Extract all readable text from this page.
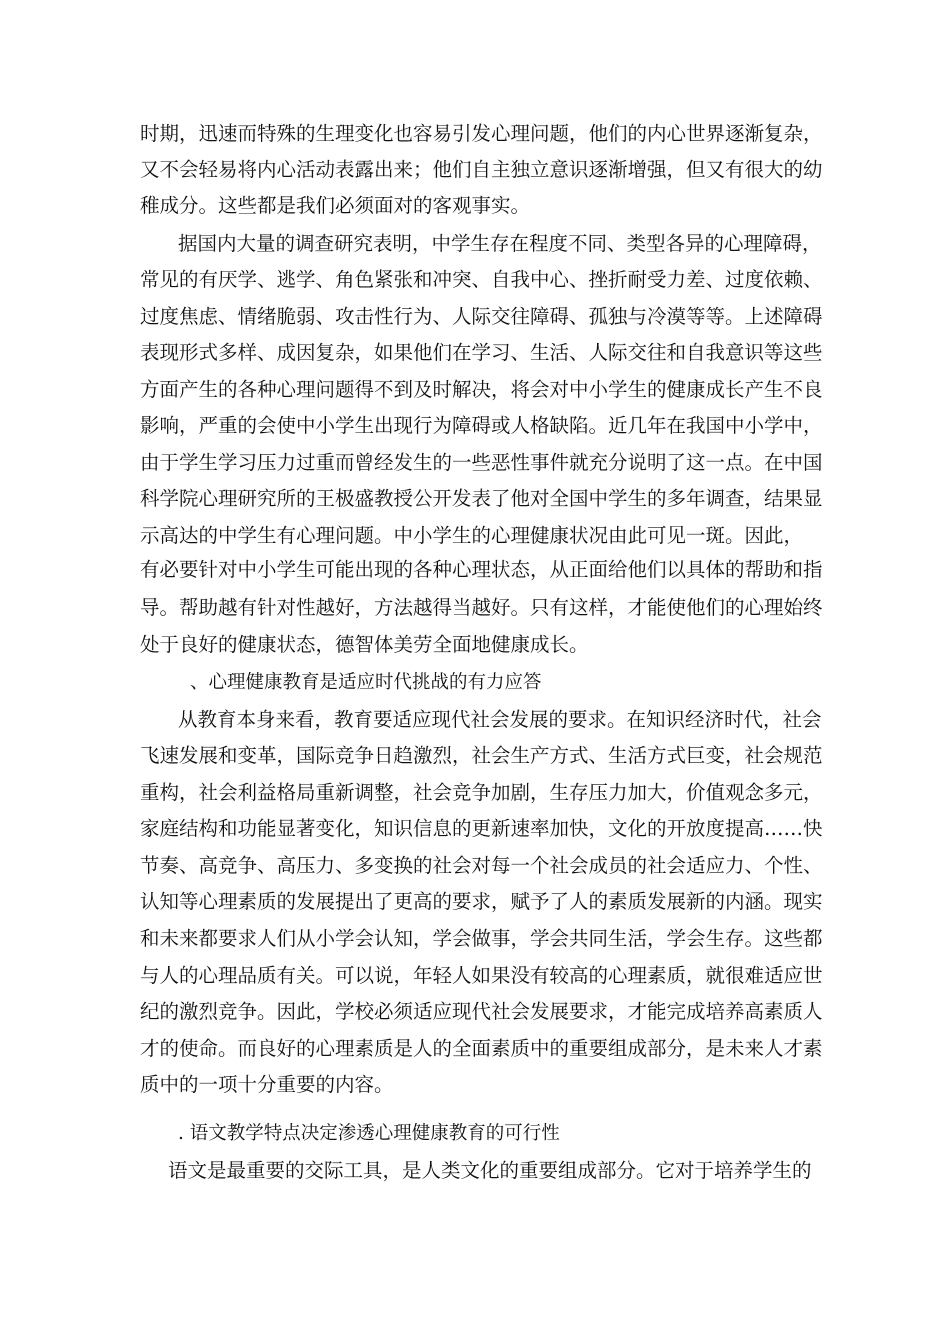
时期，迅速而特殊的生理变化也容易引发心理问题，他们的内心世界逐渐复杂，

又不会轻易将内心活动表露出来；他们自主独立意识逐渐增强，但又有很大的幼

稚成分。这些都是我们必须面对的客观事实。

据国内大量的调查研究表明，中学生存在程度不同、类型各异的心理障碍，

常见的有厌学、逃学、角色紧张和冲突、自我中心、挫折耐受力差、过度依赖、

过度焦虑、情绪脆弱、攻击性行为、人际交往障碍、孤独与冷漠等等。上述障碍

表现形式多样、成因复杂，如果他们在学习、生活、人际交往和自我意识等这些

方面产生的各种心理问题得不到及时解决，将会对中小学生的健康成长产生不良

影响，严重的会使中小学生出现行为障碍或人格缺陷。近几年在我国中小学中，

由于学生学习压力过重而曾经发生的一些恶性事件就充分说明了这一点。在中国

科学院心理研究所的王极盛教授公开发表了他对全国中学生的多年调查，结果显

示高达的中学生有心理问题。中小学生的心理健康状况由此可见一斑。因此，

有必要针对中小学生可能出现的各种心理状态，从正面给他们以具体的帮助和指

导。帮助越有针对性越好，方法越得当越好。只有这样，才能使他们的心理始终

处于良好的健康状态，德智体美劳全面地健康成长。

、心理健康教育是适应时代挑战的有力应答

从教育本身来看，教育要适应现代社会发展的要求。在知识经济时代，社会

飞速发展和变革，国际竞争日趋激烈，社会生产方式、生活方式巨变，社会规范

重构，社会利益格局重新调整，社会竞争加剧，生存压力加大，价值观念多元，

家庭结构和功能显著变化，知识信息的更新速率加快，文化的开放度提高……快

节奏、高竞争、高压力、多变换的社会对每一个社会成员的社会适应力、个性、

认知等心理素质的发展提出了更高的要求，赋予了人的素质发展新的内涵。现实

和未来都要求人们从小学会认知，学会做事，学会共同生活，学会生存。这些都

与人的心理品质有关。可以说，年轻人如果没有较高的心理素质，就很难适应世

纪的激烈竞争。因此，学校必须适应现代社会发展要求，才能完成培养高素质人

才的使命。而良好的心理素质是人的全面素质中的重要组成部分，是未来人才素

质中的一项十分重要的内容。

. 语文教学特点决定渗透心理健康教育的可行性

语文是最重要的交际工具，是人类文化的重要组成部分。它对于培养学生的
